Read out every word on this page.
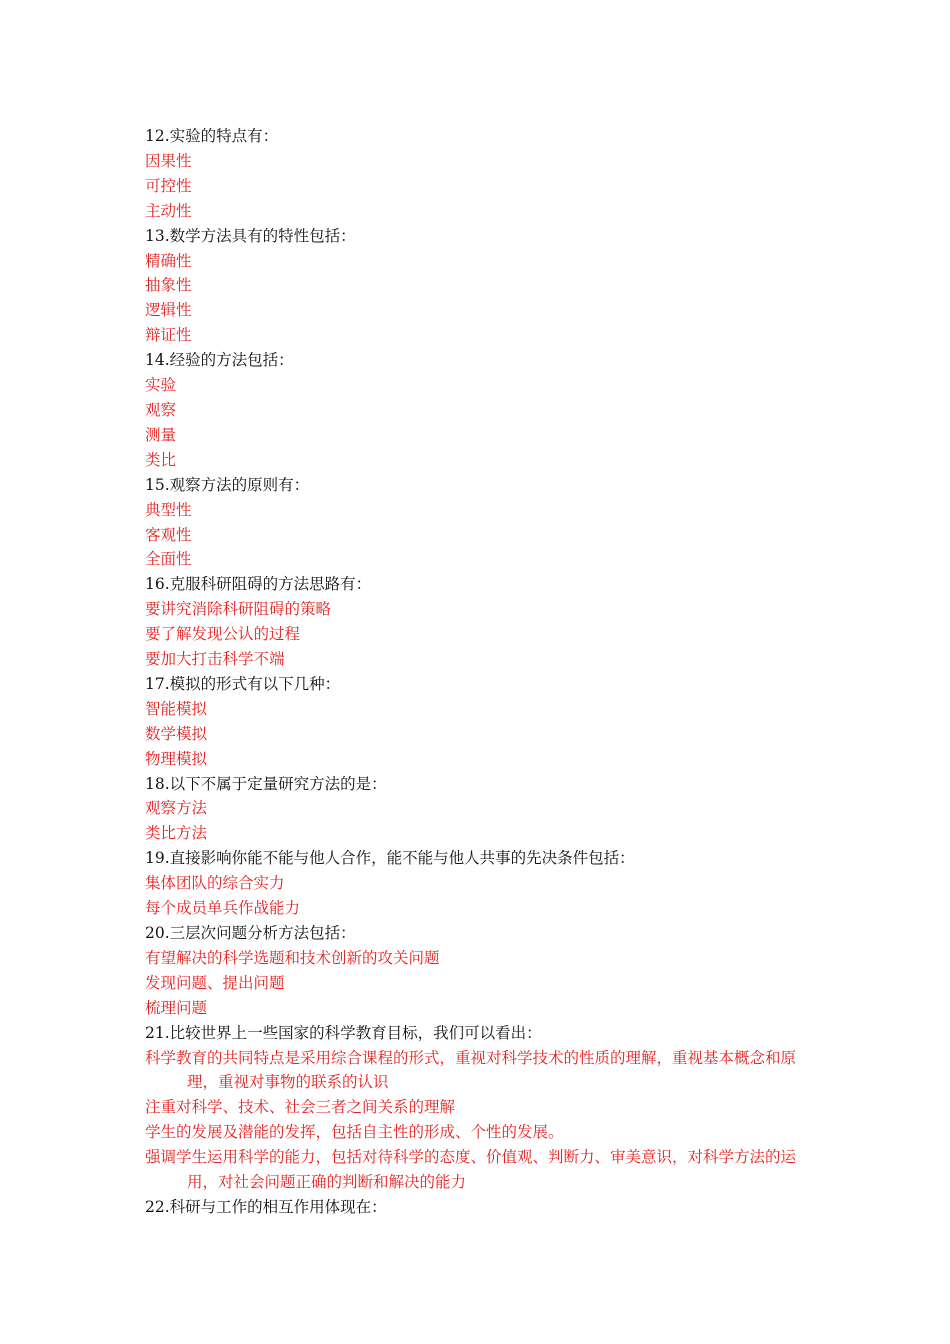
12.实验的特点有：

因果性

可控性

主动性

13.数学方法具有的特性包括：

精确性

抽象性

逻辑性

辩证性

14.经验的方法包括：

实验

观察

测量

类比

15.观察方法的原则有：

典型性

客观性

全面性

16.克服科研阻碍的方法思路有：

要讲究消除科研阻碍的策略

要了解发现公认的过程

要加大打击科学不端

17.模拟的形式有以下几种：

智能模拟

数学模拟

物理模拟

18.以下不属于定量研究方法的是：

观察方法

类比方法

19.直接影响你能不能与他人合作，能不能与他人共事的先决条件包括：

集体团队的综合实力

每个成员单兵作战能力

20.三层次问题分析方法包括：

有望解决的科学选题和技术创新的攻关问题

发现问题、提出问题

梳理问题

21.比较世界上一些国家的科学教育目标，我们可以看出：

科学教育的共同特点是采用综合课程的形式，重视对科学技术的性质的理解，重视基本概念和原理，重视对事物的联系的认识

注重对科学、技术、社会三者之间关系的理解

学生的发展及潜能的发挥，包括自主性的形成、个性的发展。

强调学生运用科学的能力，包括对待科学的态度、价值观、判断力、审美意识，对科学方法的运用，对社会问题正确的判断和解决的能力

22.科研与工作的相互作用体现在：
